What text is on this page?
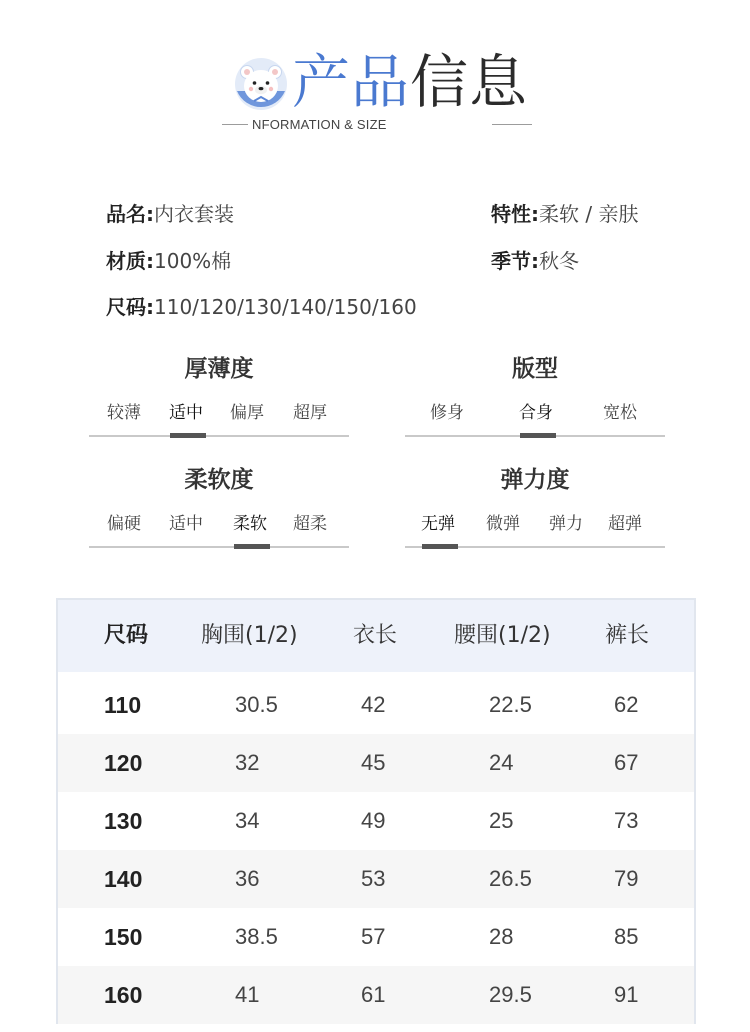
产品信息
NFORMATION & SIZE
品名:内衣套装	特性:柔软 / 亲肤
材质:100%棉	季节:秋冬
尺码:110/120/130/140/150/160
厚薄度
较薄 适中 偏厚 超厚
版型
修身	合身	宽松
柔软度
偏硬 适中 柔软 超柔
弹力度
无弹 微弹 弹力 超弹
尺码 胸围(1/2)	衣长	腰围(1/2) 裤长
110	30.5	42	22.5	62
120	32	45	24	67
130	34	49	25	73
140	36	53	26.5	79
150	38.5	57	28	85
160	41	61	29.5	91
